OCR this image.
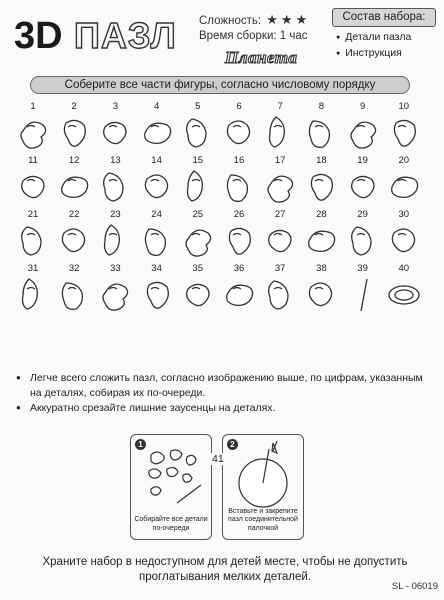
3D ПАЗЛ Сложность: ★★★
Время сборки: 1 час
Планета
Состав набора:
● Детали пазла
● Инструкция
Соберите все части фигуры, согласно числовому порядку
1	2	3	4	5	6	7	8	9	10
11	12	13	14	15	16	17	18	19	20
21	22	23	24	25	26	27	28	29	30
31	32	33	34	35	36	37	38	39	40
● Легче всего сложить пазл, согласно изображению выше, по цифрам, указанным на деталях, собирая их по-очереди.
● Аккуратно срезайте лишние заусенцы на деталях.
1
Собирайте все детали по-очереди
2
Вставьте и закрепите пазл соединительной палочкой
41
Храните набор в недоступном для детей месте, чтобы не допустить проглатывания мелких деталей.
SL - 06019
